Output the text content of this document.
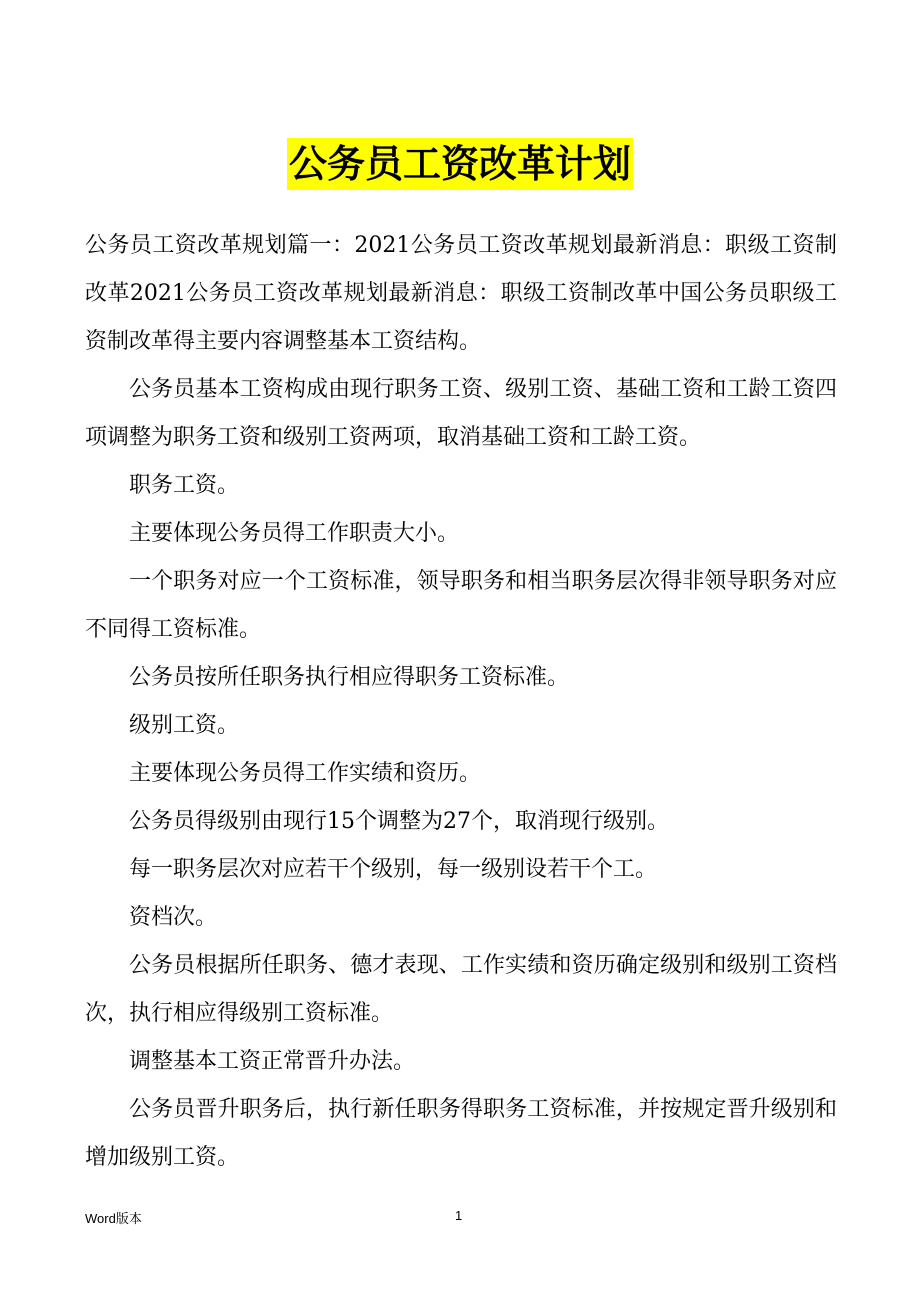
公务员工资改革计划

公务员工资改革规划篇一：2021公务员工资改革规划最新消息：职级工资制改革2021公务员工资改革规划最新消息：职级工资制改革中国公务员职级工资制改革得主要内容调整基本工资结构。

公务员基本工资构成由现行职务工资、级别工资、基础工资和工龄工资四项调整为职务工资和级别工资两项，取消基础工资和工龄工资。

职务工资。

主要体现公务员得工作职责大小。

一个职务对应一个工资标准，领导职务和相当职务层次得非领导职务对应不同得工资标准。

公务员按所任职务执行相应得职务工资标准。

级别工资。

主要体现公务员得工作实绩和资历。

公务员得级别由现行15个调整为27个，取消现行级别。

每一职务层次对应若干个级别，每一级别设若干个工。

资档次。

公务员根据所任职务、德才表现、工作实绩和资历确定级别和级别工资档次，执行相应得级别工资标准。

调整基本工资正常晋升办法。

公务员晋升职务后，执行新任职务得职务工资标准，并按规定晋升级别和增加级别工资。

Word版本	1
